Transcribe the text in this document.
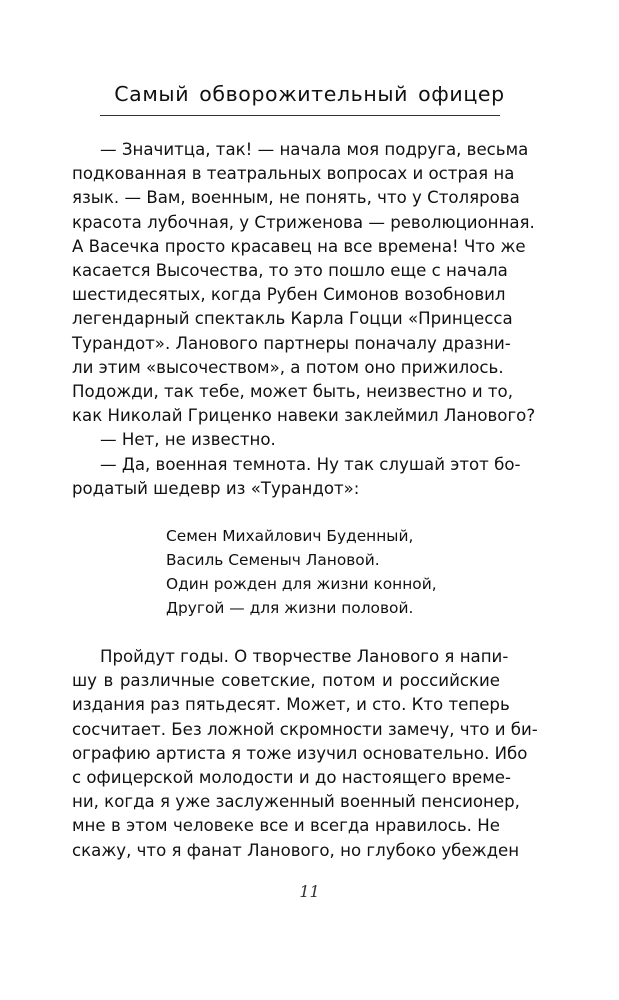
Самый обворожительный офицер
— Значитца, так! — начала моя подруга, весьма
подкованная в театральных вопросах и острая на
язык. — Вам, военным, не понять, что у Столярова
красота лубочная, у Стриженова — революционная.
А Васечка просто красавец на все времена! Что же
касается Высочества, то это пошло еще с начала
шестидесятых, когда Рубен Симонов возобновил
легендарный спектакль Карла Гоцци «Принцесса
Турандот». Ланового партнеры поначалу дразни-
ли этим «высочеством», а потом оно прижилось.
Подожди, так тебе, может быть, неизвестно и то,
как Николай Гриценко навеки заклеймил Ланового?
— Нет, не известно.
— Да, военная темнота. Ну так слушай этот бо-
родатый шедевр из «Турандот»:
Семен Михайлович Буденный,
Василь Семеныч Лановой.
Один рожден для жизни конной,
Другой — для жизни половой.
Пройдут годы. О творчестве Ланового я напи-
шу в различные советские, потом и российские
издания раз пятьдесят. Может, и сто. Кто теперь
сосчитает. Без ложной скромности замечу, что и би-
ографию артиста я тоже изучил основательно. Ибо
с офицерской молодости и до настоящего време-
ни, когда я уже заслуженный военный пенсионер,
мне в этом человеке все и всегда нравилось. Не
скажу, что я фанат Ланового, но глубоко убежден
11
